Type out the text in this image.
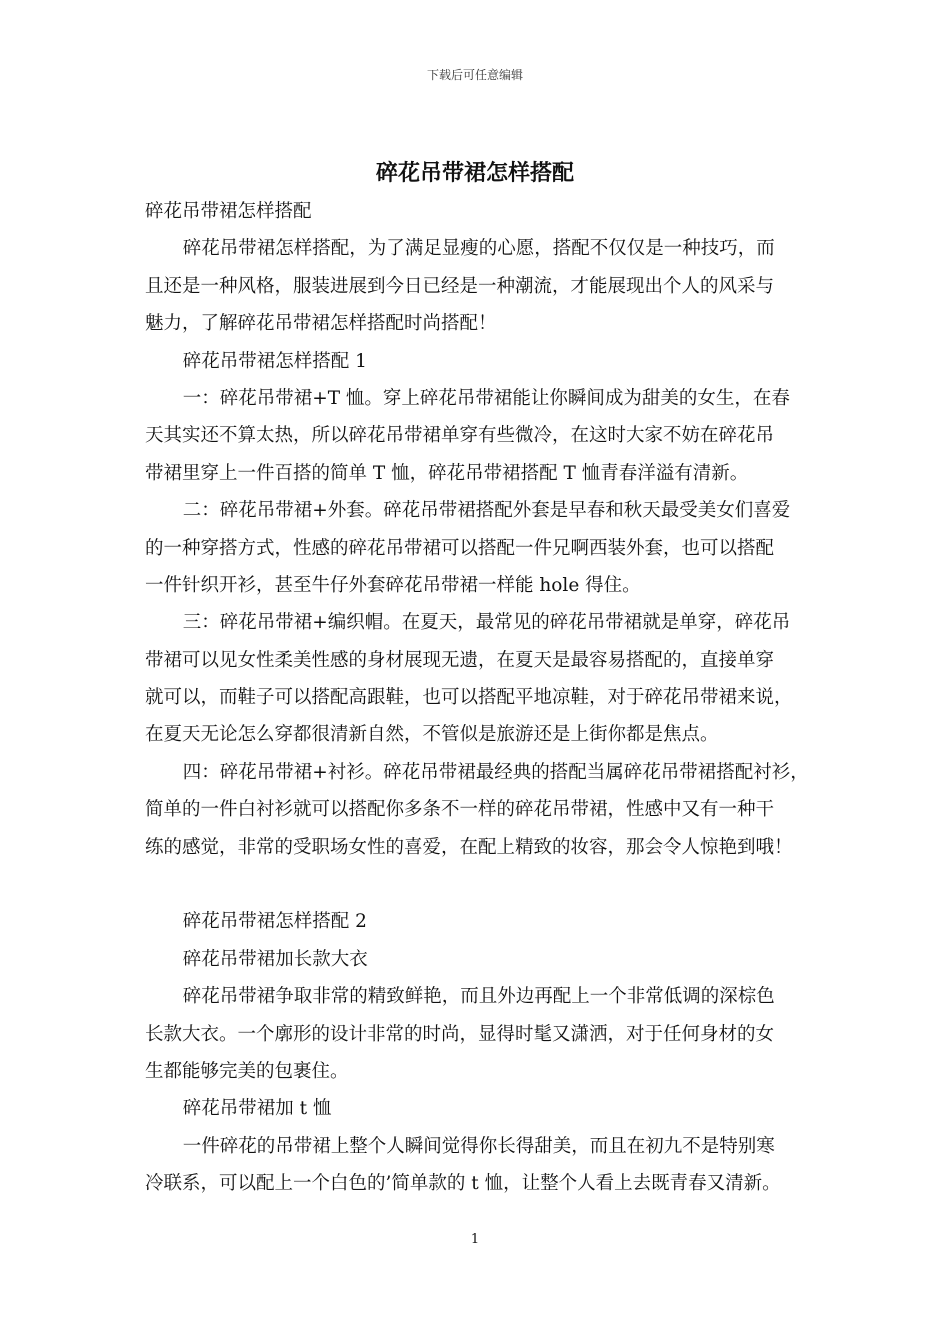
下载后可任意编辑
碎花吊带裙怎样搭配
碎花吊带裙怎样搭配
碎花吊带裙怎样搭配，为了满足显瘦的心愿，搭配不仅仅是一种技巧，而
且还是一种风格，服装进展到今日已经是一种潮流，才能展现出个人的风采与
魅力，了解碎花吊带裙怎样搭配时尚搭配！
碎花吊带裙怎样搭配 1
一：碎花吊带裙+T 恤。穿上碎花吊带裙能让你瞬间成为甜美的女生，在春
天其实还不算太热，所以碎花吊带裙单穿有些微冷，在这时大家不妨在碎花吊
带裙里穿上一件百搭的简单 T 恤，碎花吊带裙搭配 T 恤青春洋溢有清新。
二：碎花吊带裙+外套。碎花吊带裙搭配外套是早春和秋天最受美女们喜爱
的一种穿搭方式，性感的碎花吊带裙可以搭配一件兄啊西装外套，也可以搭配
一件针织开衫，甚至牛仔外套碎花吊带裙一样能 hole 得住。
三：碎花吊带裙+编织帽。在夏天，最常见的碎花吊带裙就是单穿，碎花吊
带裙可以见女性柔美性感的身材展现无遗，在夏天是最容易搭配的，直接单穿
就可以，而鞋子可以搭配高跟鞋，也可以搭配平地凉鞋，对于碎花吊带裙来说，
在夏天无论怎么穿都很清新自然，不管似是旅游还是上街你都是焦点。
四：碎花吊带裙+衬衫。碎花吊带裙最经典的搭配当属碎花吊带裙搭配衬衫，
简单的一件白衬衫就可以搭配你多条不一样的碎花吊带裙，性感中又有一种干
练的感觉，非常的受职场女性的喜爱，在配上精致的妆容，那会令人惊艳到哦！
碎花吊带裙怎样搭配 2
碎花吊带裙加长款大衣
碎花吊带裙争取非常的精致鲜艳，而且外边再配上一个非常低调的深棕色
长款大衣。一个廓形的设计非常的时尚，显得时髦又潇洒，对于任何身材的女
生都能够完美的包裹住。
碎花吊带裙加 t 恤
一件碎花的吊带裙上整个人瞬间觉得你长得甜美，而且在初九不是特别寒
冷联系，可以配上一个白色的’简单款的 t 恤，让整个人看上去既青春又清新。
1
